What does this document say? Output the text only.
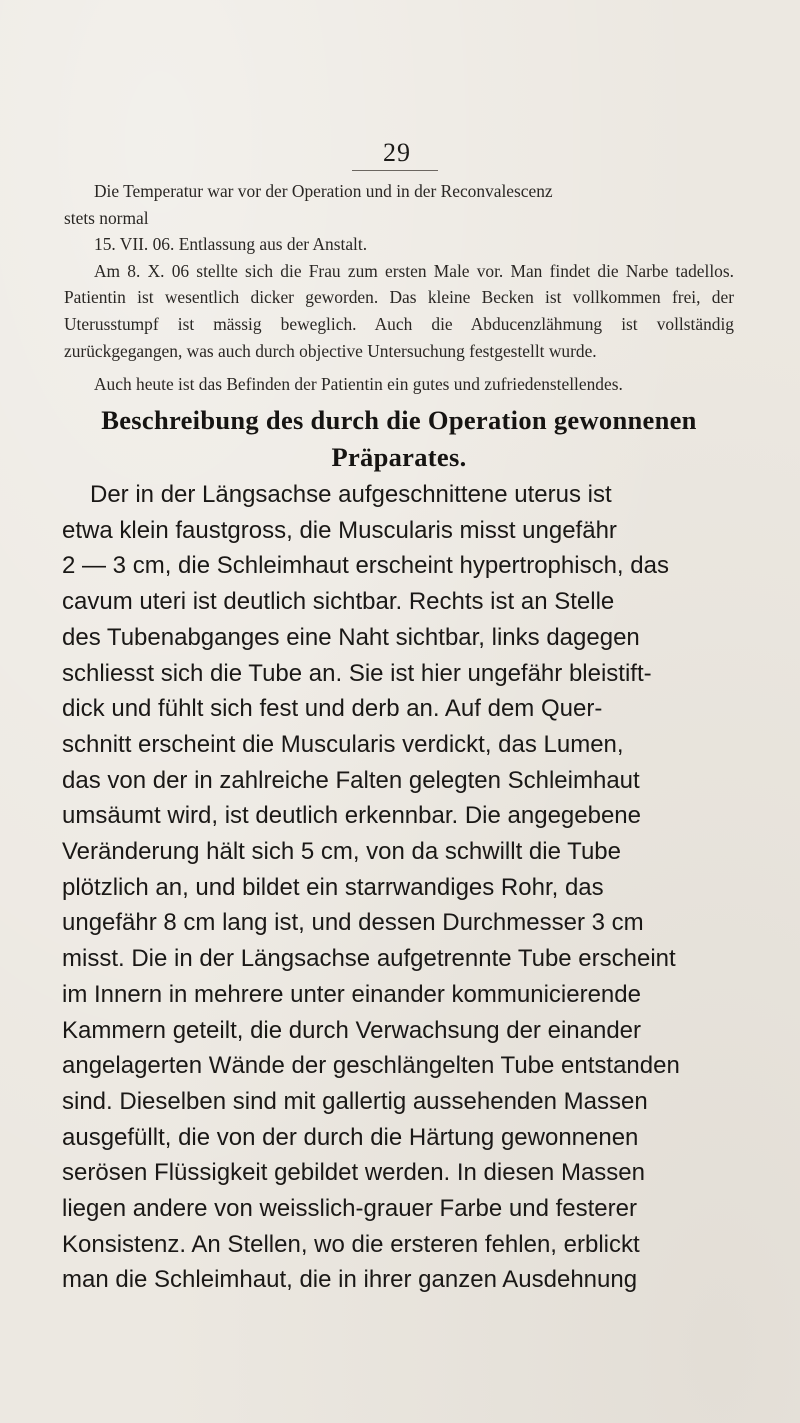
29

Die Temperatur war vor der Operation und in der Reconvalescenz

stets normal

15. VII. 06. Entlassung aus der Anstalt.

Am 8. X. 06 stellte sich die Frau zum ersten Male vor. Man findet die Narbe tadellos. Patientin ist wesentlich dicker geworden. Das kleine Becken ist vollkommen frei, der Uterusstumpf ist mässig beweglich. Auch die Abducenzlähmung ist vollständig zurückgegangen, was auch durch objective Untersuchung festgestellt wurde.

Auch heute ist das Befinden der Patientin ein gutes und zufriedenstellendes.

Beschreibung des durch die Operation gewonnenen
Präparates.
Der in der Längsachse aufgeschnittene uterus ist
etwa klein faustgross, die Muscularis misst ungefähr
2 — 3 cm, die Schleimhaut erscheint hypertrophisch, das
cavum uteri ist deutlich sichtbar. Rechts ist an Stelle
des Tubenabganges eine Naht sichtbar, links dagegen
schliesst sich die Tube an. Sie ist hier ungefähr bleistift-
dick und fühlt sich fest und derb an. Auf dem Quer-
schnitt erscheint die Muscularis verdickt, das Lumen,
das von der in zahlreiche Falten gelegten Schleimhaut
umsäumt wird, ist deutlich erkennbar. Die angegebene
Veränderung hält sich 5 cm, von da schwillt die Tube
plötzlich an, und bildet ein starrwandiges Rohr, das
ungefähr 8 cm lang ist, und dessen Durchmesser 3 cm
misst. Die in der Längsachse aufgetrennte Tube erscheint
im Innern in mehrere unter einander kommunicierende
Kammern geteilt, die durch Verwachsung der einander
angelagerten Wände der geschlängelten Tube entstanden
sind. Dieselben sind mit gallertig aussehenden Massen
ausgefüllt, die von der durch die Härtung gewonnenen
serösen Flüssigkeit gebildet werden. In diesen Massen
liegen andere von weisslich-grauer Farbe und festerer
Konsistenz. An Stellen, wo die ersteren fehlen, erblickt
man die Schleimhaut, die in ihrer ganzen Ausdehnung
